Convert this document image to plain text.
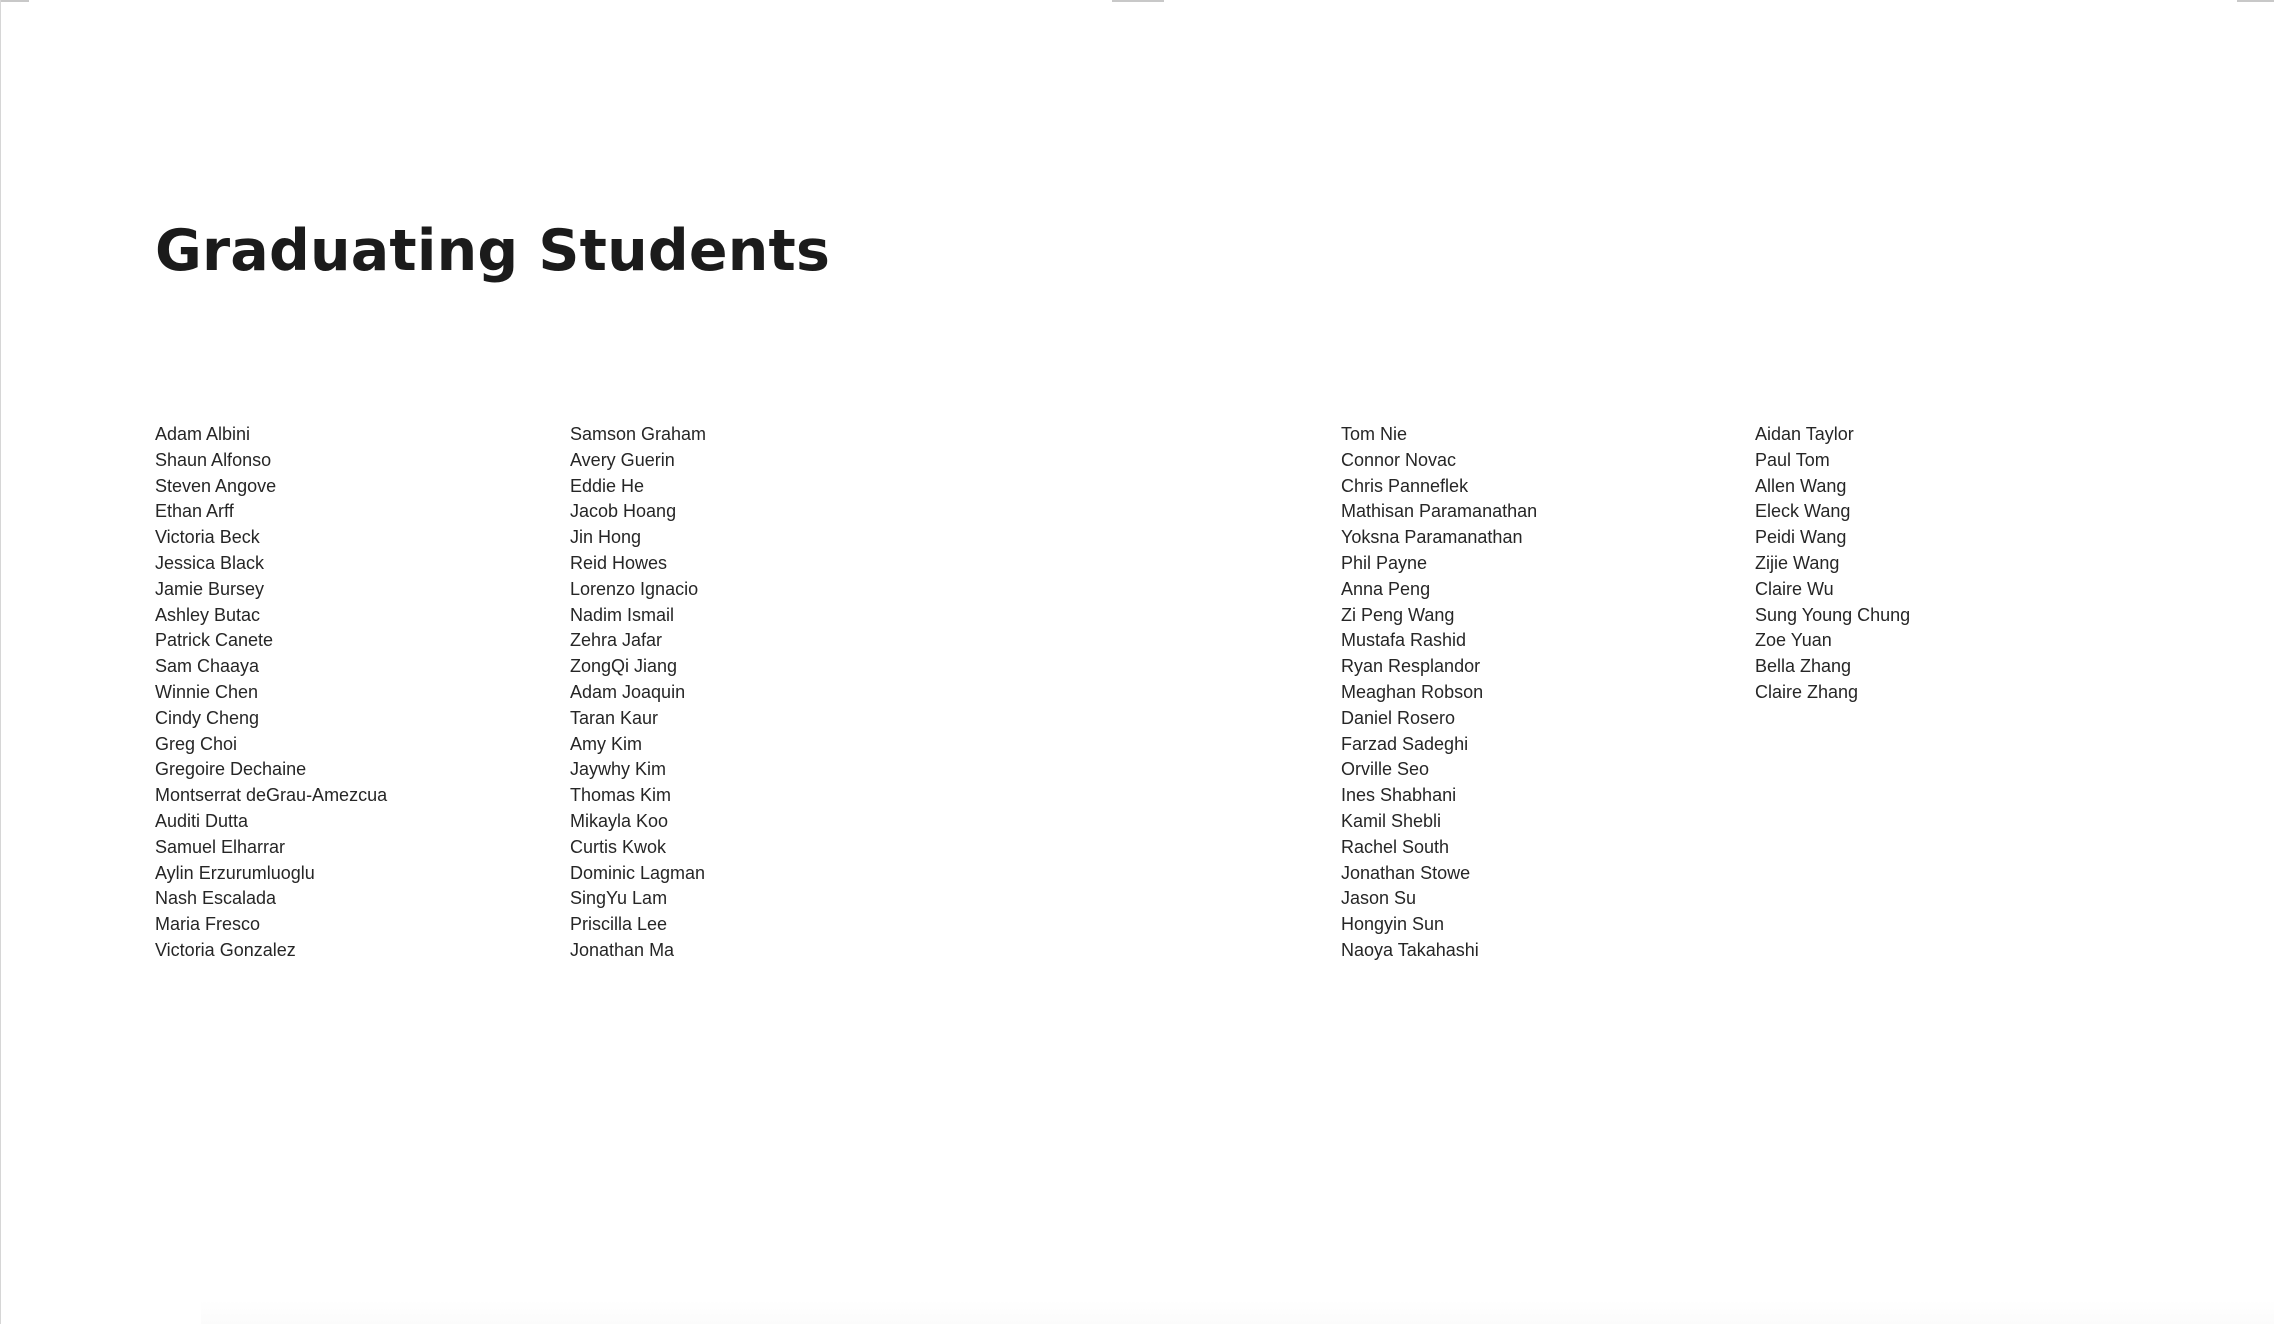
Graduating Students
Adam Albini
Shaun Alfonso
Steven Angove
Ethan Arff
Victoria Beck
Jessica Black
Jamie Bursey
Ashley Butac
Patrick Canete
Sam Chaaya
Winnie Chen
Cindy Cheng
Greg Choi
Gregoire Dechaine
Montserrat deGrau-Amezcua
Auditi Dutta
Samuel Elharrar
Aylin Erzurumluoglu
Nash Escalada
Maria Fresco
Victoria Gonzalez
Samson Graham
Avery Guerin
Eddie He
Jacob Hoang
Jin Hong
Reid Howes
Lorenzo Ignacio
Nadim Ismail
Zehra Jafar
ZongQi Jiang
Adam Joaquin
Taran Kaur
Amy Kim
Jaywhy Kim
Thomas Kim
Mikayla Koo
Curtis Kwok
Dominic Lagman
SingYu Lam
Priscilla Lee
Jonathan Ma
Tom Nie
Connor Novac
Chris Panneflek
Mathisan Paramanathan
Yoksna Paramanathan
Phil Payne
Anna Peng
Zi Peng Wang
Mustafa Rashid
Ryan Resplandor
Meaghan Robson
Daniel Rosero
Farzad Sadeghi
Orville Seo
Ines Shabhani
Kamil Shebli
Rachel South
Jonathan Stowe
Jason Su
Hongyin Sun
Naoya Takahashi
Aidan Taylor
Paul Tom
Allen Wang
Eleck Wang
Peidi Wang
Zijie Wang
Claire Wu
Sung Young Chung
Zoe Yuan
Bella Zhang
Claire Zhang
